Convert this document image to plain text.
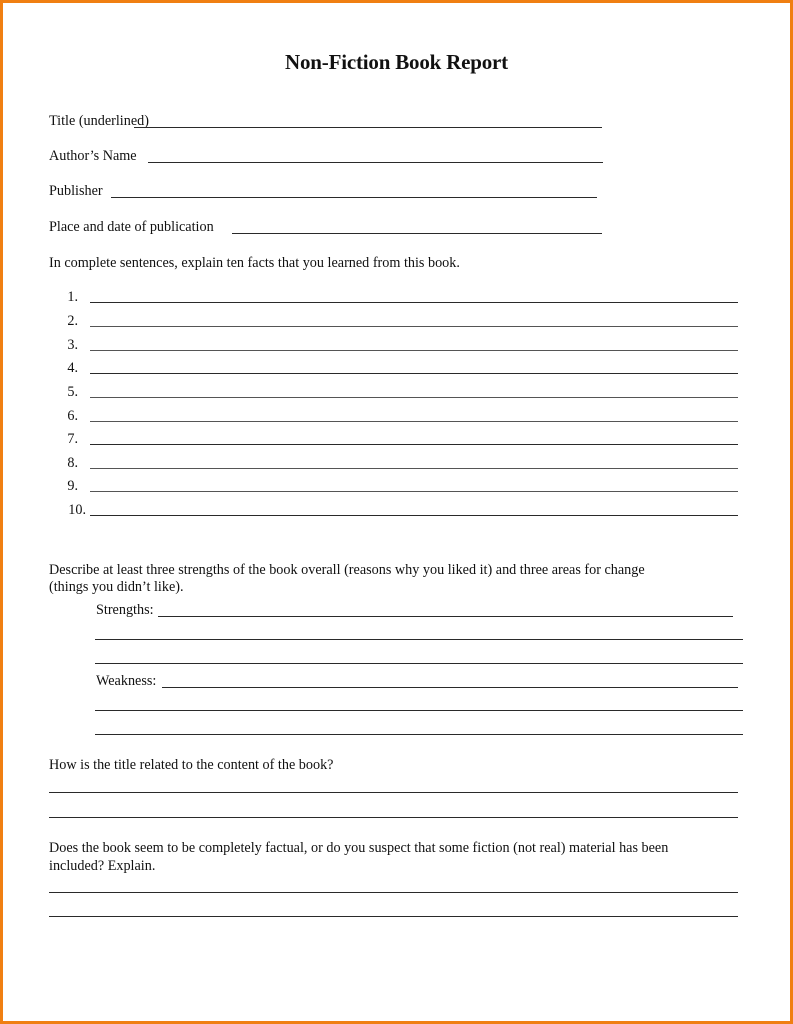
Non-Fiction Book Report
Title (underlined)
Author’s Name
Publisher
Place and date of publication
In complete sentences, explain ten facts that you learned from this book.
1.
2.
3.
4.
5.
6.
7.
8.
9.
10.
Describe at least three strengths of the book overall (reasons why you liked it) and three areas for change
(things you didn’t like).
Strengths:
Weakness:
How is the title related to the content of the book?
Does the book seem to be completely factual, or do you suspect that some fiction (not real) material has been
included? Explain.
